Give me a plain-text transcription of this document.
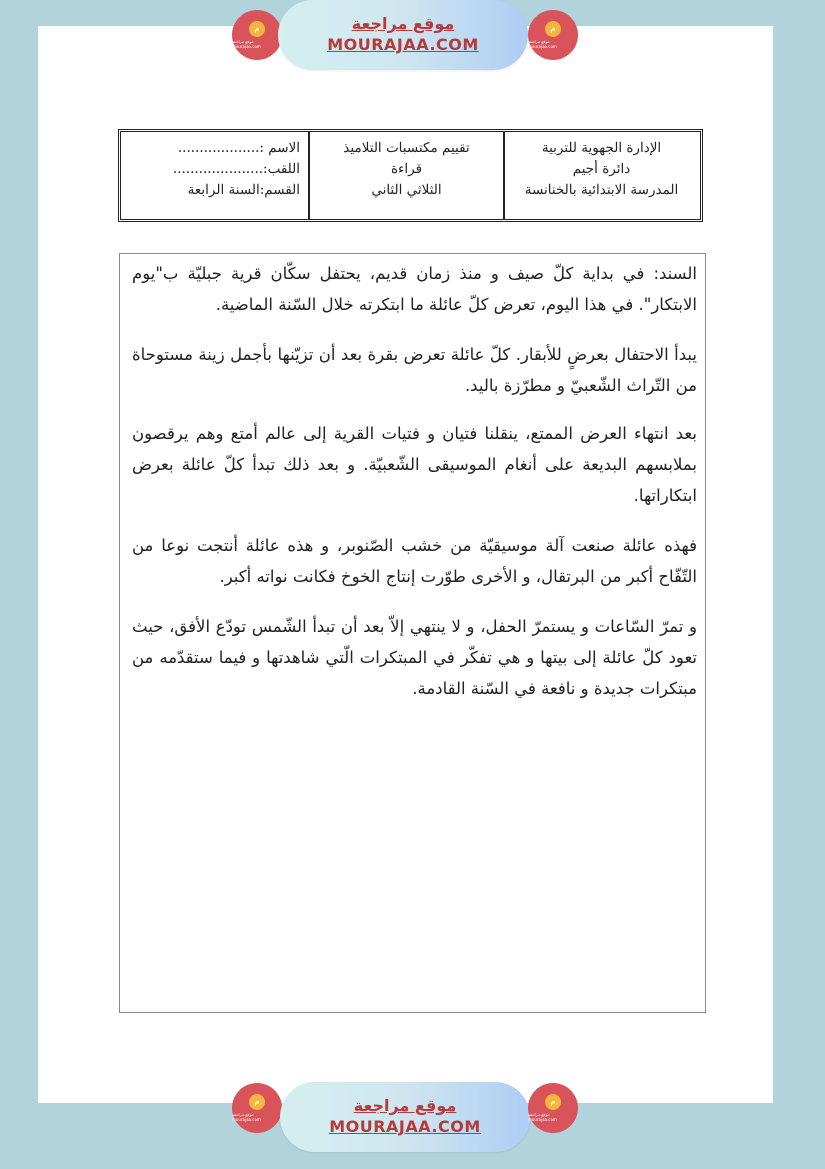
م
موقع مراجعة mourajaa.com
موقع مراجعة
MOURAJAA.COM
م
موقع مراجعة mourajaa.com
الإدارة الجهوية للتربية
دائرة أجيم
المدرسة الابتدائية بالخنانسة
تقييم مكتسبات التلاميذ
قراءة
الثلاثي الثاني
الاسم :...................
اللقب:.....................
القسم:السنة الرابعة

السند: في بداية كلّ صيف و منذ زمان قديم، يحتفل سكّان قرية جبليّة ب"يوم الابتكار". في هذا اليوم، تعرض كلّ عائلة ما ابتكرته خلال السّنة الماضية.

يبدأ الاحتفال بعرضٍ للأبقار. كلّ عائلة تعرض بقرة بعد أن تزيّنها بأجمل زينة مستوحاة من التّراث الشّعبيّ و مطرّزة باليد.

بعد انتهاء العرض الممتع، ينقلنا فتيان و فتيات القرية إلى عالم أمتع وهم يرقصون بملابسهم البديعة على أنغام الموسيقى الشّعبيّة. و بعد ذلك تبدأ كلّ عائلة بعرض ابتكاراتها.

فهذه عائلة صنعت آلة موسيقيّة من خشب الصّنوبر، و هذه عائلة أنتجت نوعا من التّفّاح أكبر من البرتقال، و الأخرى طوّرت إنتاج الخوخ فكانت نواته أكبر.

و تمرّ السّاعات و يستمرّ الحفل، و لا ينتهي إلاّ بعد أن تبدأ الشّمس تودّع الأفق، حيث تعود كلّ عائلة إلى بيتها و هي تفكّر في المبتكرات الّتي شاهدتها و فيما ستقدّمه من مبتكرات جديدة و نافعة في السّنة القادمة.

م
موقع مراجعة mourajaa.com
موقع مراجعة
MOURAJAA.COM
م
موقع مراجعة mourajaa.com
